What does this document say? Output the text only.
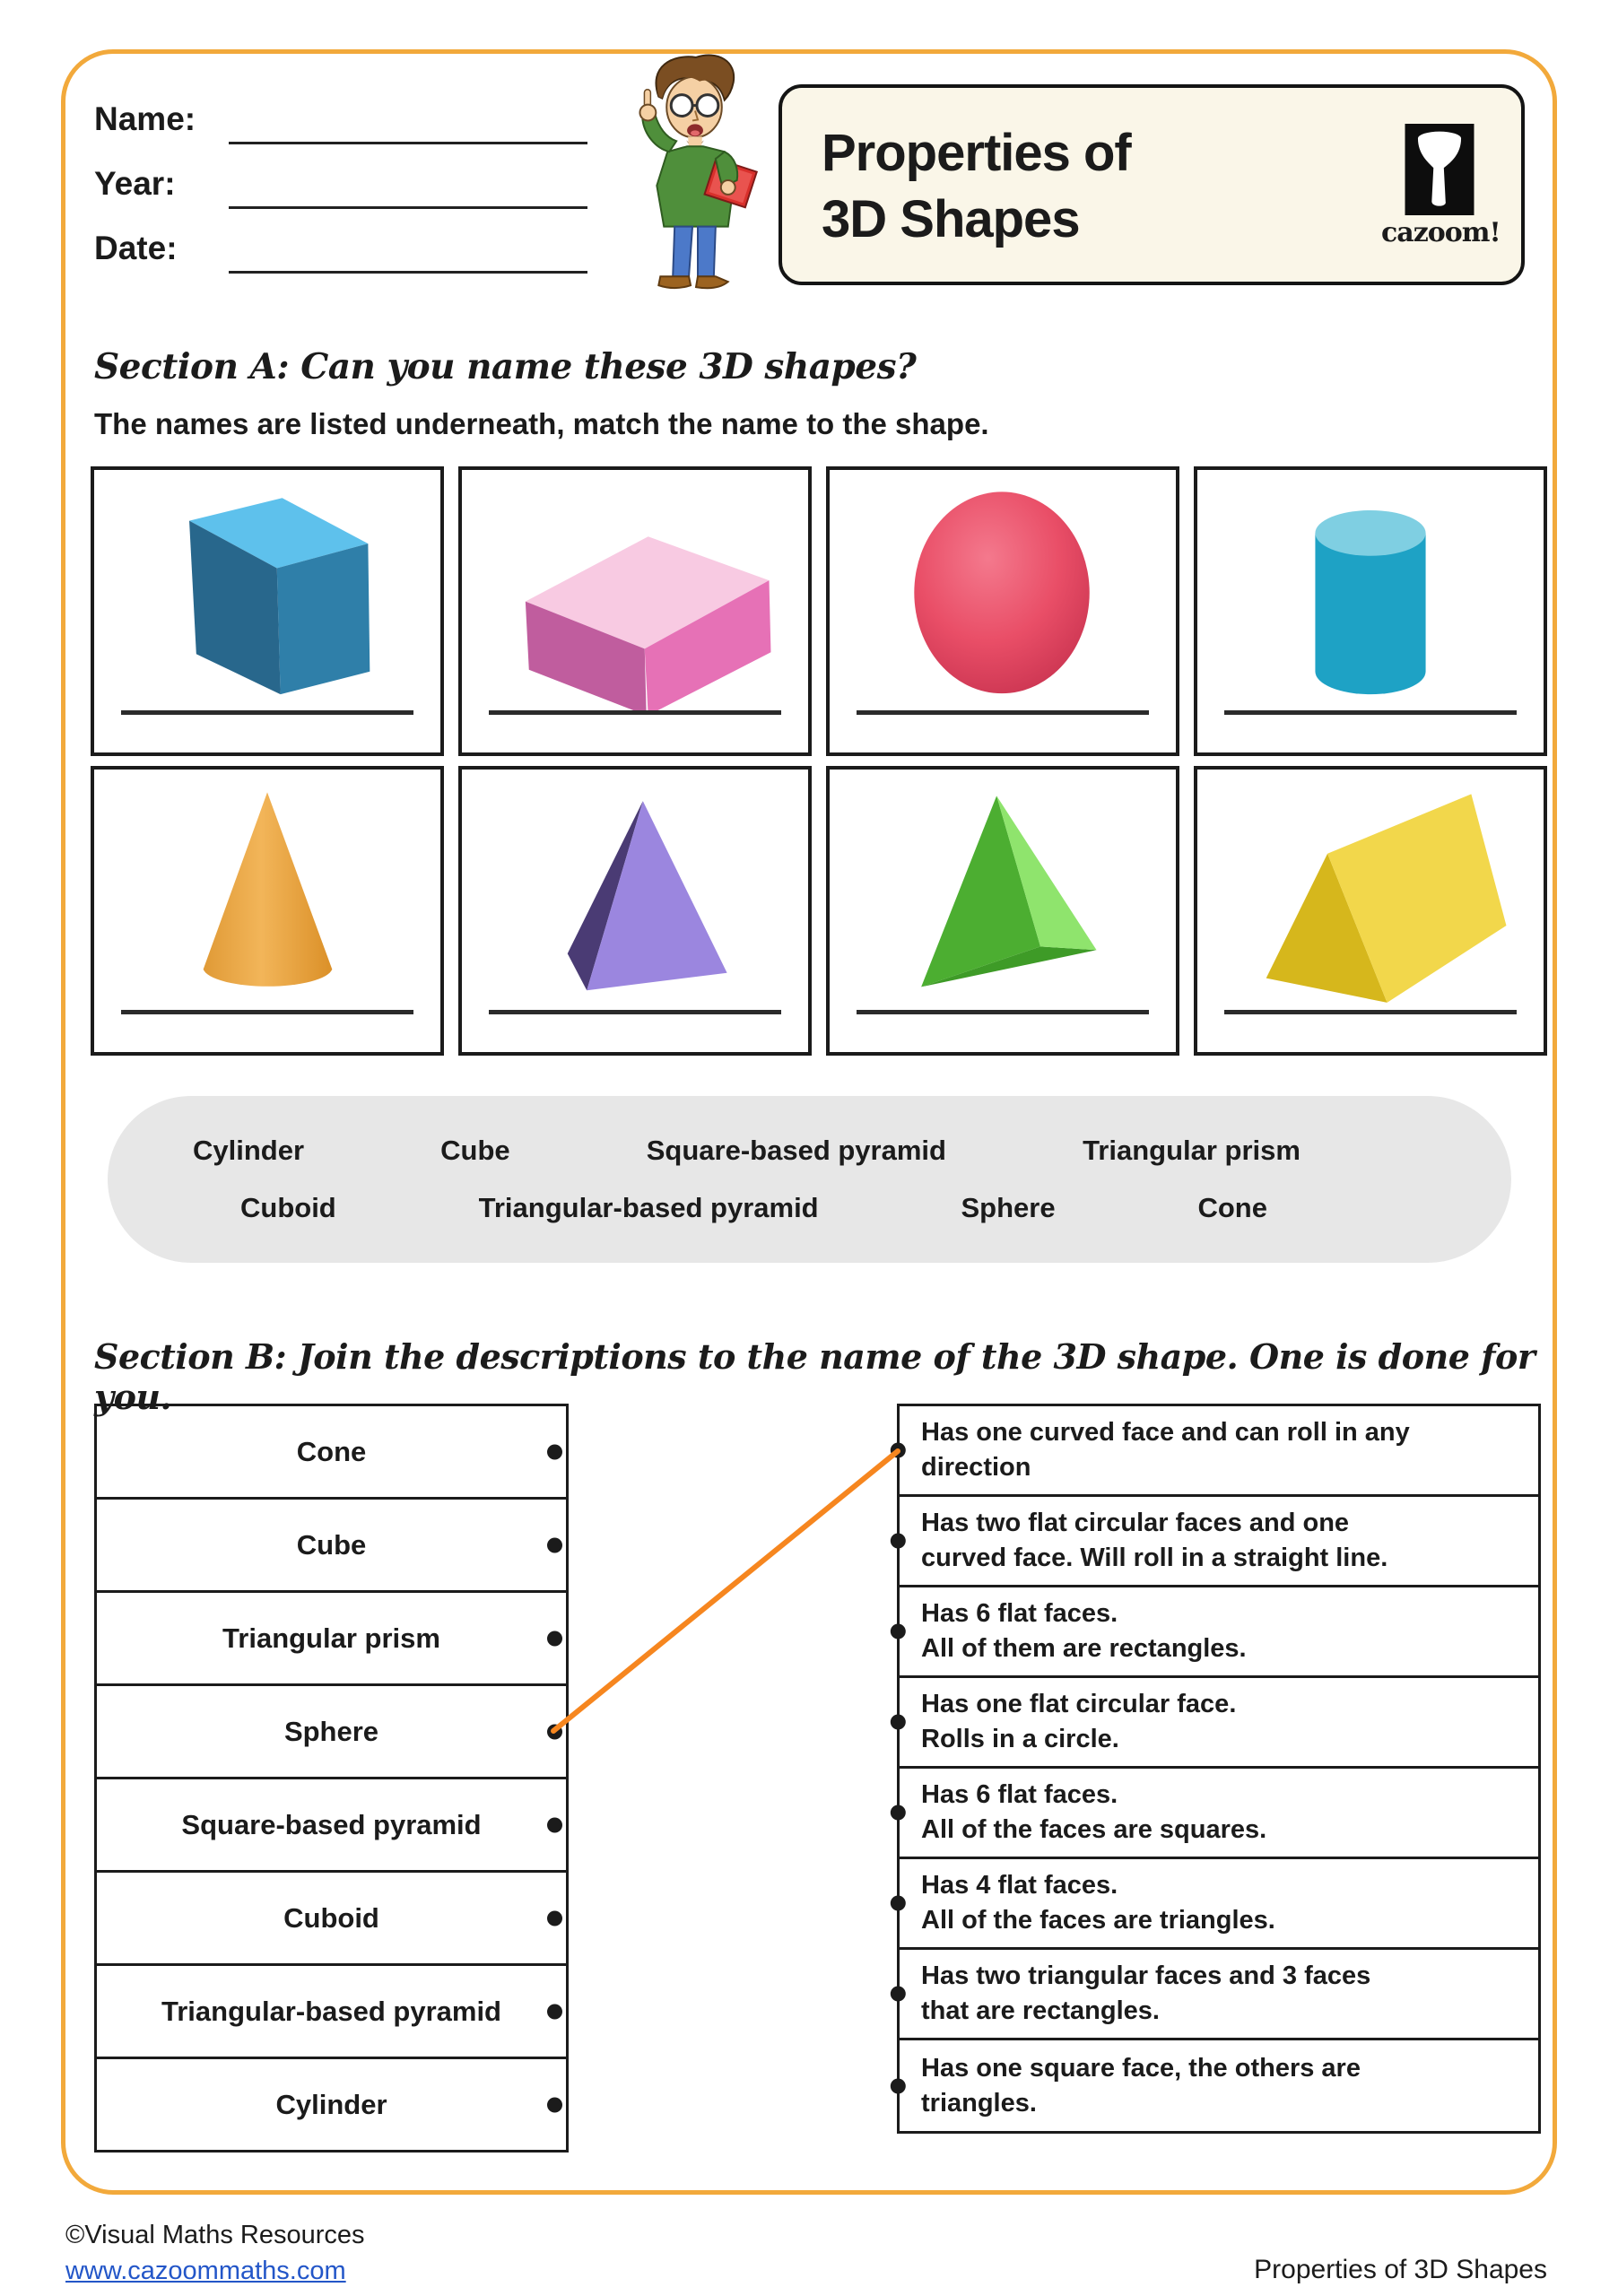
Name:
Year:
Date:
Properties of
3D Shapes	cazoom!
Section A: Can you name these 3D shapes?
The names are listed underneath, match the name to the shape.
Cylinder	Cube	Square-based pyramid	Triangular prism
Cuboid	Triangular-based pyramid	Sphere	Cone
Section B: Join the descriptions to the name of the 3D shape. One is done for you.
Cone
Cube
Triangular prism
Sphere
Square-based pyramid
Cuboid
Triangular-based pyramid
Cylinder
Has one curved face and can roll in any
direction
Has two flat circular faces and one
curved face. Will roll in a straight line.
Has 6 flat faces.
All of them are rectangles.
Has one flat circular face.
Rolls in a circle.
Has 6 flat faces.
All of the faces are squares.
Has 4 flat faces.
All of the faces are triangles.
Has two triangular faces and 3 faces
that are rectangles.
Has one square face, the others are
triangles.
©Visual Maths Resources
www.cazoommaths.com	Properties of 3D Shapes
